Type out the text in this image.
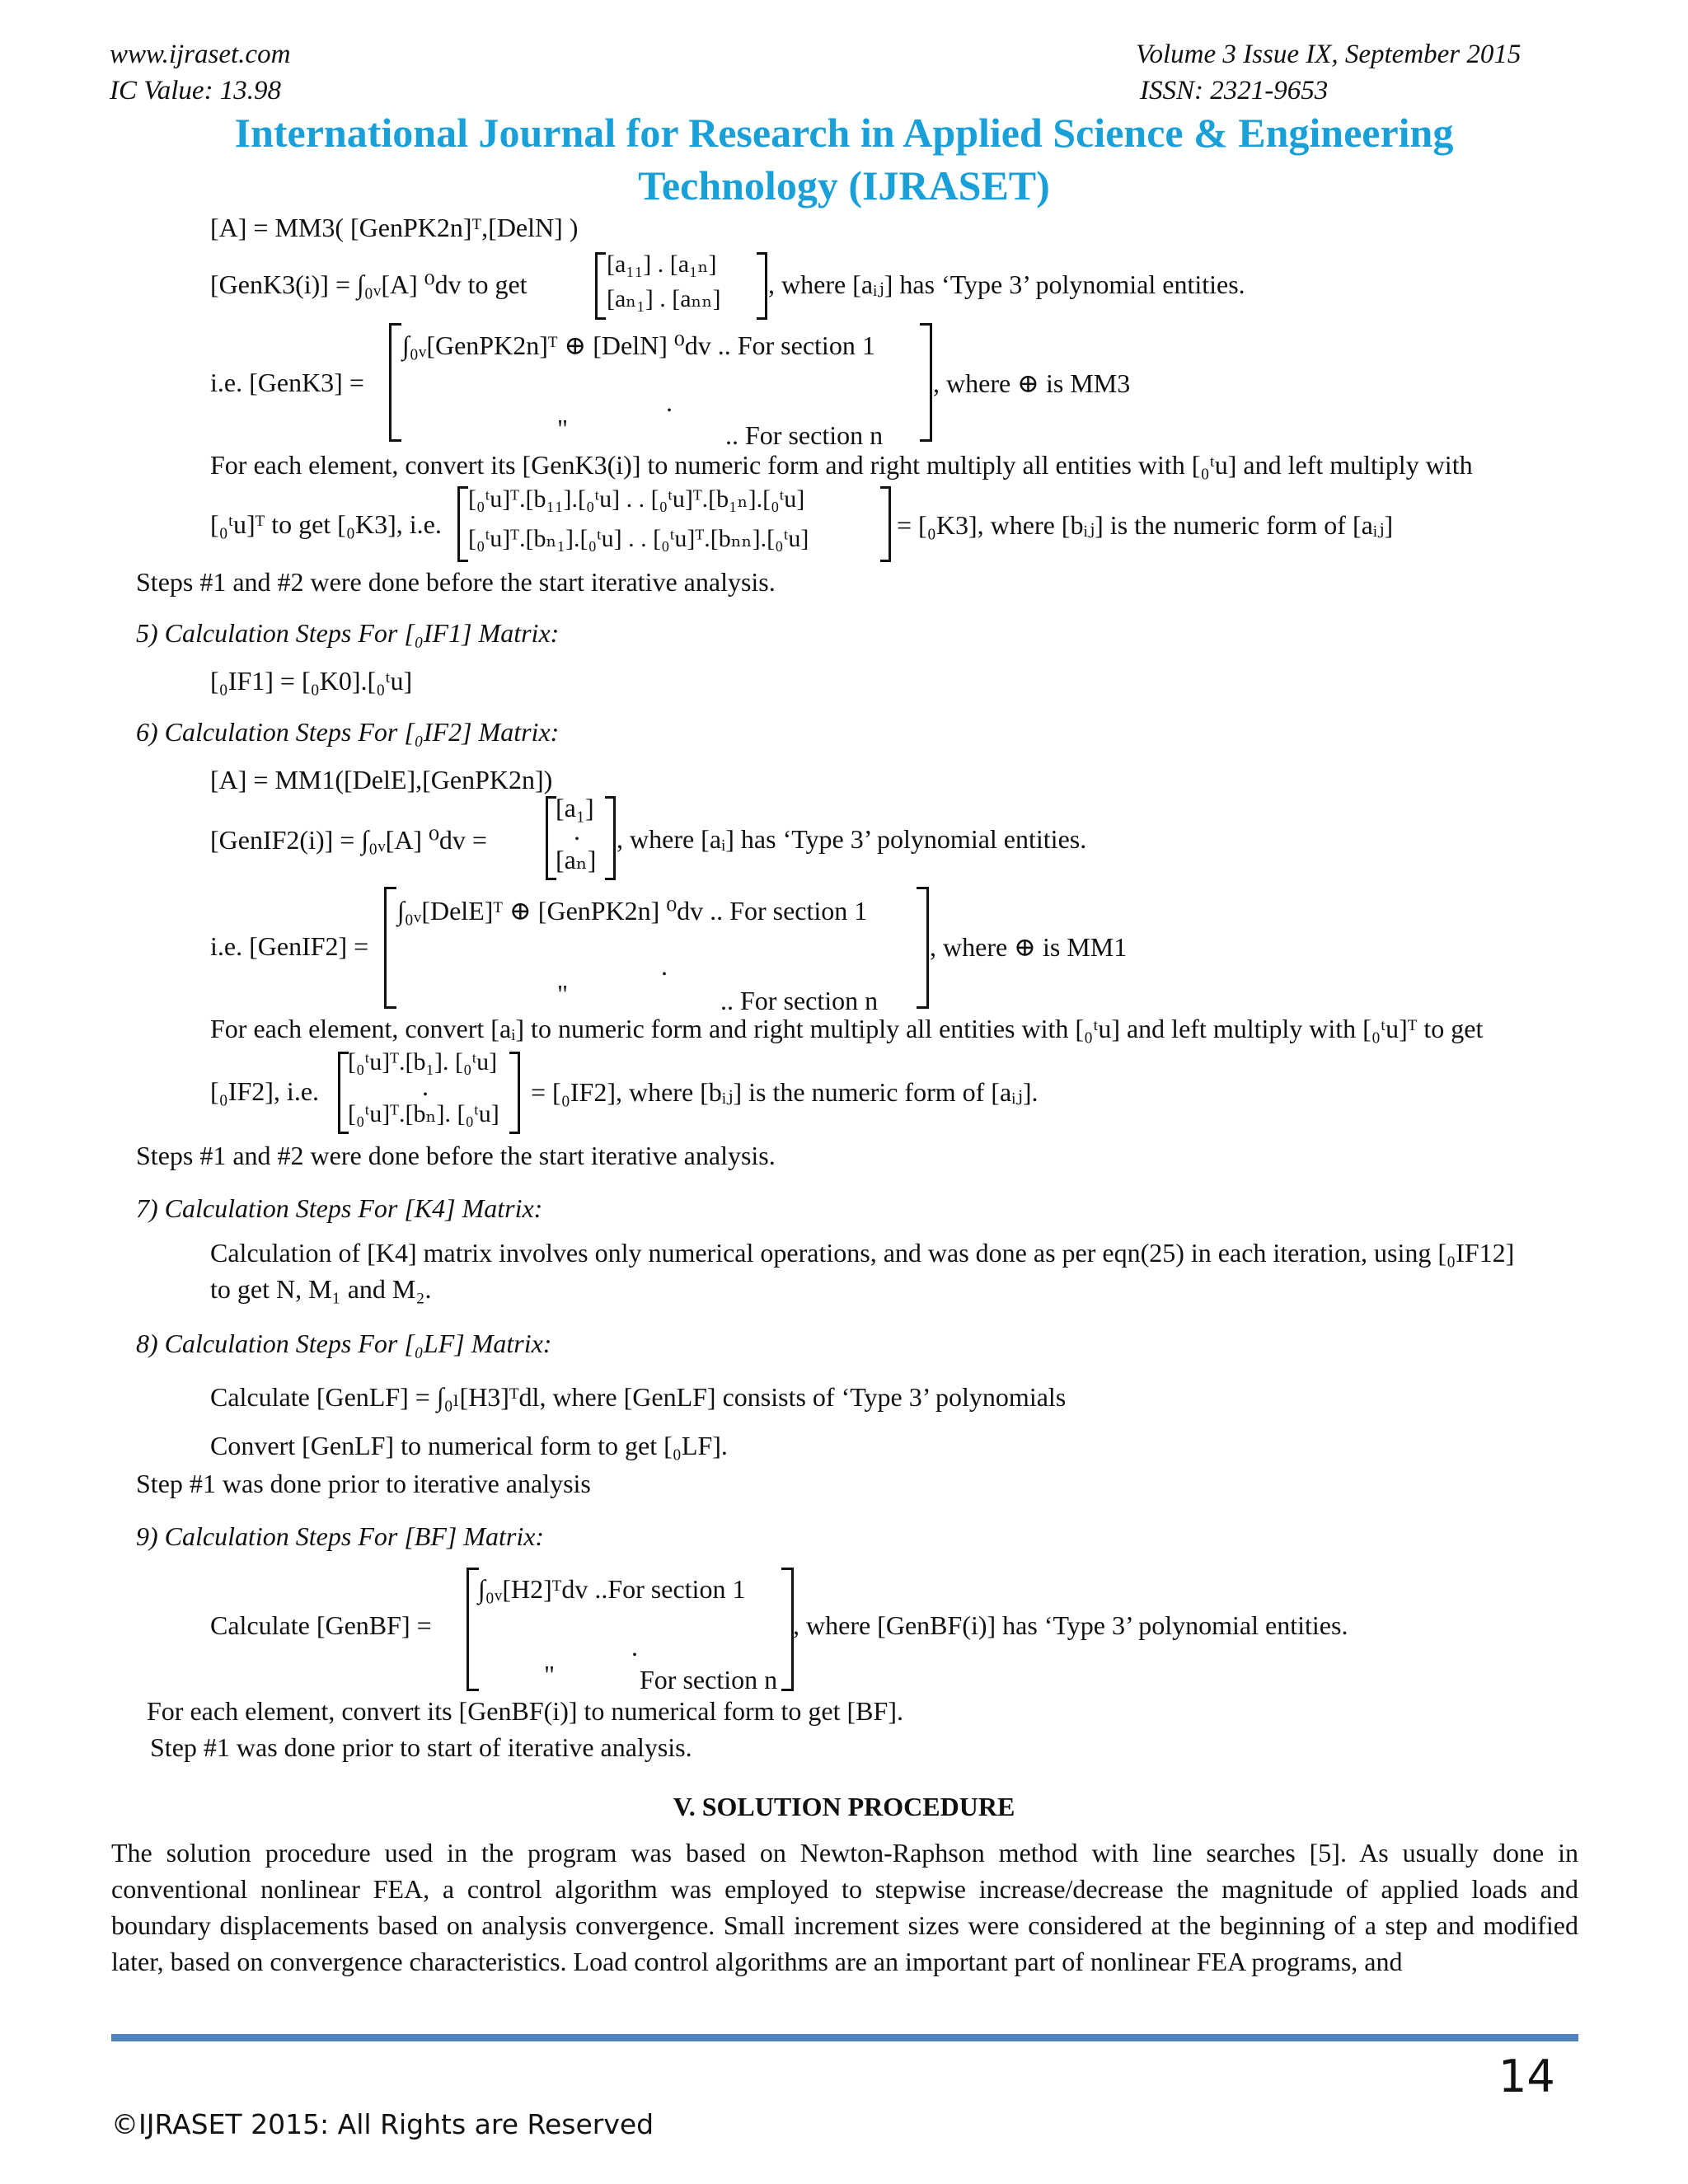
www.ijraset.com
IC Value: 13.98
Volume 3 Issue IX, September 2015
ISSN: 2321-9653
International Journal for Research in Applied Science & Engineering
Technology (IJRASET)
[A] = MM3( [GenPK2n]ᵀ,[DelN] )
[GenK3(i)] = ∫₀ᵥ[A] ⁰dv to get
[a₁₁] . [a₁ₙ]
[aₙ₁] . [aₙₙ] , where [aᵢⱼ] has ‘Type 3’ polynomial entities.
i.e. [GenK3] =
∫₀ᵥ[GenPK2n]ᵀ ⊕ [DelN] ⁰dv .. For section 1
.
"	.. For section n
, where ⊕ is MM3
For each element, convert its [GenK3(i)] to numeric form and right multiply all entities with [₀ᵗu] and left multiply with
[₀ᵗu]ᵀ to get [₀K3], i.e.
[₀ᵗu]ᵀ.[b₁₁].[₀ᵗu] . . [₀ᵗu]ᵀ.[b₁ₙ].[₀ᵗu]
[₀ᵗu]ᵀ.[bₙ₁].[₀ᵗu] . . [₀ᵗu]ᵀ.[bₙₙ].[₀ᵗu]	= [₀K3], where [bᵢⱼ] is the numeric form of [aᵢⱼ]
Steps #1 and #2 were done before the start iterative analysis.
5) Calculation Steps For [₀IF1] Matrix:
[₀IF1] = [₀K0].[₀ᵗu]
6) Calculation Steps For [₀IF2] Matrix:
[A] = MM1([DelE],[GenPK2n])
[GenIF2(i)] = ∫₀ᵥ[A] ⁰dv =
[a₁]
.
[aₙ]
, where [aᵢ] has ‘Type 3’ polynomial entities.
i.e. [GenIF2] =
∫₀ᵥ[DelE]ᵀ ⊕ [GenPK2n] ⁰dv .. For section 1
.
"	.. For section n
, where ⊕ is MM1
For each element, convert [aᵢ] to numeric form and right multiply all entities with [₀ᵗu] and left multiply with [₀ᵗu]ᵀ to get
[₀IF2], i.e.
[₀ᵗu]ᵀ.[b₁]. [₀ᵗu]
.
[₀ᵗu]ᵀ.[bₙ]. [₀ᵗu]
= [₀IF2], where [bᵢⱼ] is the numeric form of [aᵢⱼ].
Steps #1 and #2 were done before the start iterative analysis.
7) Calculation Steps For [K4] Matrix:
Calculation of [K4] matrix involves only numerical operations, and was done as per eqn(25) in each iteration, using [₀IF12]
to get N, M₁ and M₂.
8) Calculation Steps For [₀LF] Matrix:
Calculate [GenLF] = ∫₀ₗ[H3]ᵀdl, where [GenLF] consists of ‘Type 3’ polynomials
Convert [GenLF] to numerical form to get [₀LF].
Step #1 was done prior to iterative analysis
9) Calculation Steps For [BF] Matrix:
Calculate [GenBF] =
∫₀ᵥ[H2]ᵀdv ..For section 1
.
"	For section n
, where [GenBF(i)] has ‘Type 3’ polynomial entities.
For each element, convert its [GenBF(i)] to numerical form to get [BF].
Step #1 was done prior to start of iterative analysis.
V. SOLUTION PROCEDURE
The solution procedure used in the program was based on Newton-Raphson method with line searches [5]. As usually done in conventional nonlinear FEA, a control algorithm was employed to stepwise increase/decrease the magnitude of applied loads and boundary displacements based on analysis convergence. Small increment sizes were considered at the beginning of a step and modified later, based on convergence characteristics. Load control algorithms are an important part of nonlinear FEA programs, and
14
©IJRASET 2015: All Rights are Reserved
